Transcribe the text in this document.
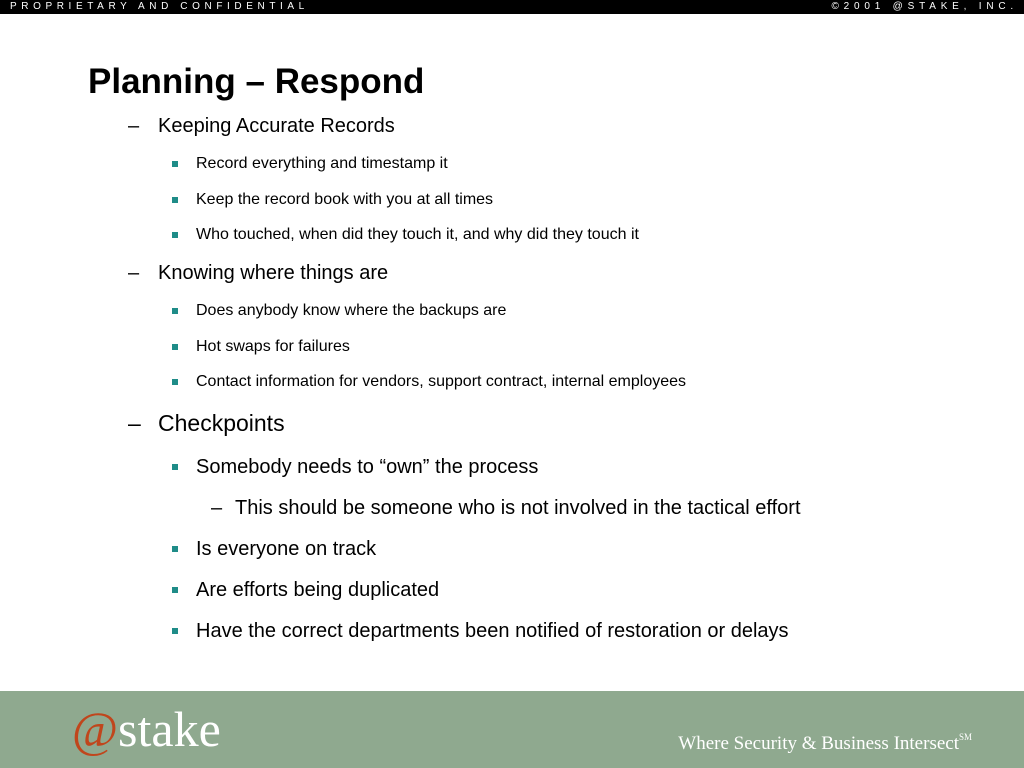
PROPRIETARY AND CONFIDENTIAL	©2001 @STAKE, INC.
Planning – Respond
– Keeping Accurate Records
Record everything and timestamp it
Keep the record book with you at all times
Who touched, when did they touch it, and why did they touch it
– Knowing where things are
Does anybody know where the backups are
Hot swaps for failures
Contact information for vendors, support contract, internal employees
– Checkpoints
Somebody needs to “own” the process
– This should be someone who is not involved in the tactical effort
Is everyone on track
Are efforts being duplicated
Have the correct departments been notified of restoration or delays
@stake	Where Security & Business Intersect℠
